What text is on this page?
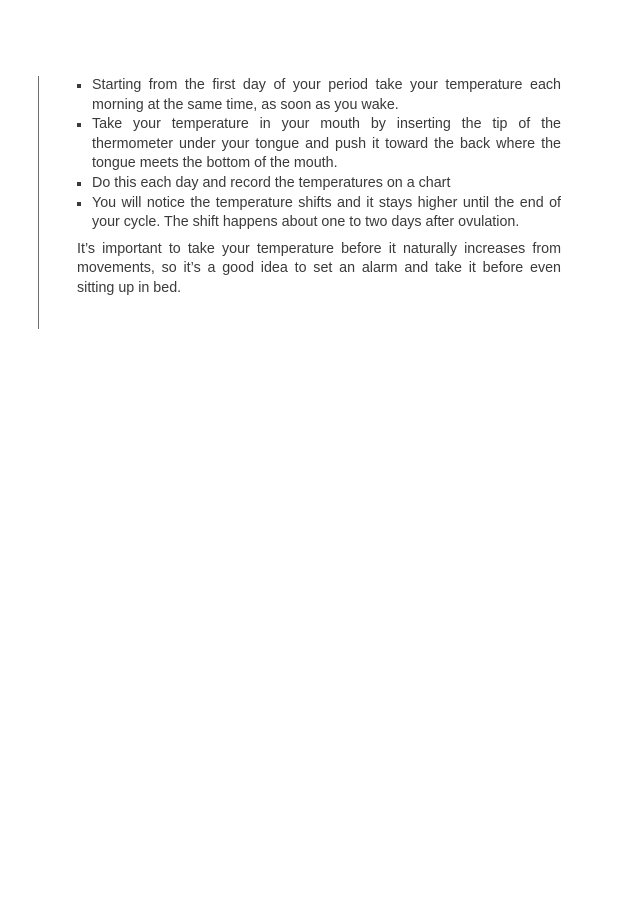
Starting from the first day of your period take your temperature each morning at the same time, as soon as you wake.
Take your temperature in your mouth by inserting the tip of the thermometer under your tongue and push it toward the back where the tongue meets the bottom of the mouth.
Do this each day and record the temperatures on a chart
You will notice the temperature shifts and it stays higher until the end of your cycle. The shift happens about one to two days after ovulation.

It’s important to take your temperature before it naturally increases from movements, so it’s a good idea to set an alarm and take it before even sitting up in bed.
